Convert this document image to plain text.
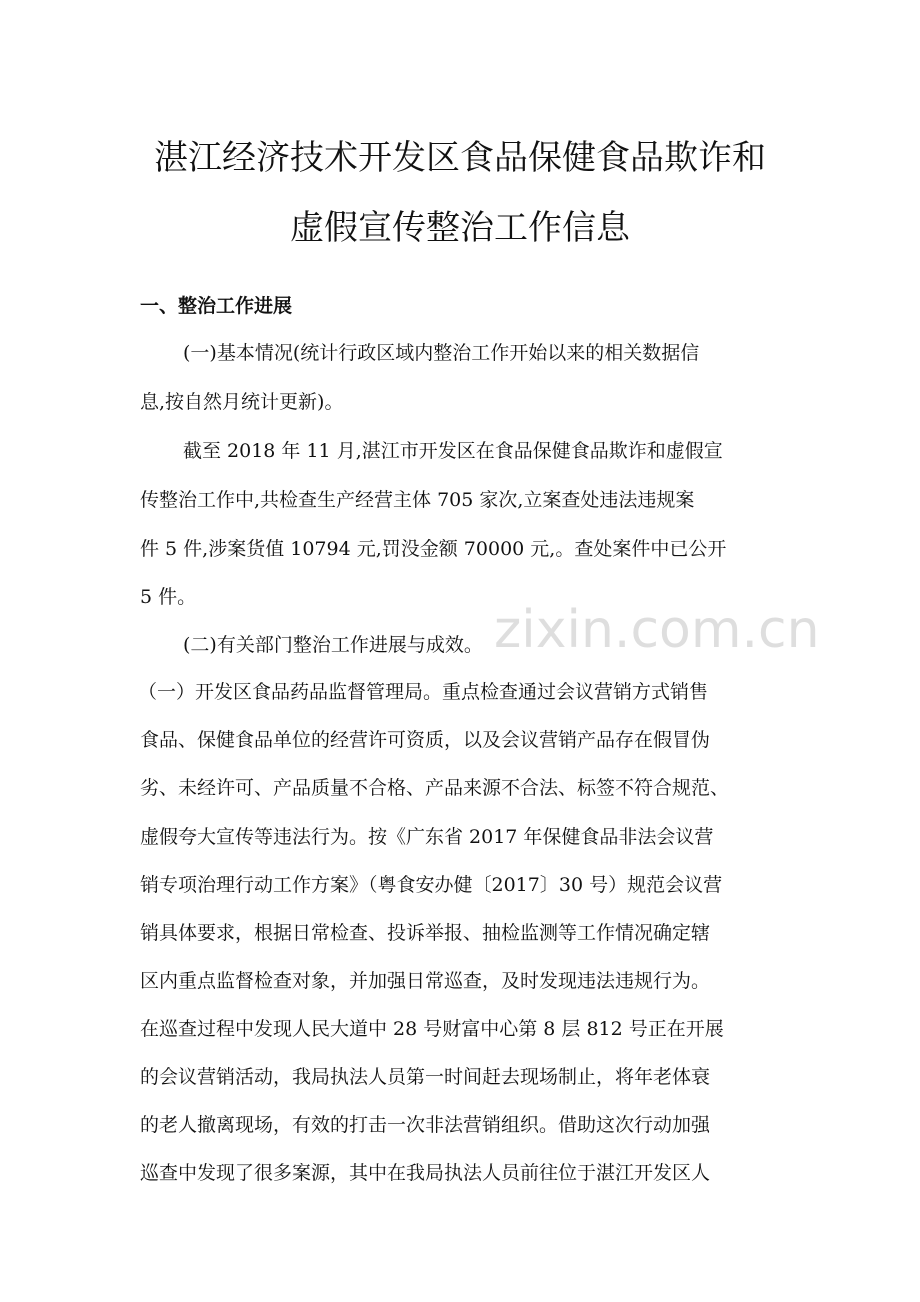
湛江经济技术开发区食品保健食品欺诈和
虚假宣传整治工作信息
一、整治工作进展
(一)基本情况(统计行政区域内整治工作开始以来的相关数据信
息,按自然月统计更新)。
截至 2018 年 11 月,湛江市开发区在食品保健食品欺诈和虚假宣
传整治工作中,共检查生产经营主体 705 家次,立案查处违法违规案
件 5 件,涉案货值 10794 元,罚没金额 70000 元,。查处案件中已公开
5 件。
(二)有关部门整治工作进展与成效。
（一）开发区食品药品监督管理局。重点检查通过会议营销方式销售
食品、保健食品单位的经营许可资质，以及会议营销产品存在假冒伪
劣、未经许可、产品质量不合格、产品来源不合法、标签不符合规范、
虚假夸大宣传等违法行为。按《广东省 2017 年保健食品非法会议营
销专项治理行动工作方案》（粤食安办健〔2017〕30 号）规范会议营
销具体要求，根据日常检查、投诉举报、抽检监测等工作情况确定辖
区内重点监督检查对象，并加强日常巡查，及时发现违法违规行为。
在巡查过程中发现人民大道中 28 号财富中心第 8 层 812 号正在开展
的会议营销活动，我局执法人员第一时间赶去现场制止，将年老体衰
的老人撤离现场，有效的打击一次非法营销组织。借助这次行动加强
巡查中发现了很多案源，其中在我局执法人员前往位于湛江开发区人
zixin.com.cn
